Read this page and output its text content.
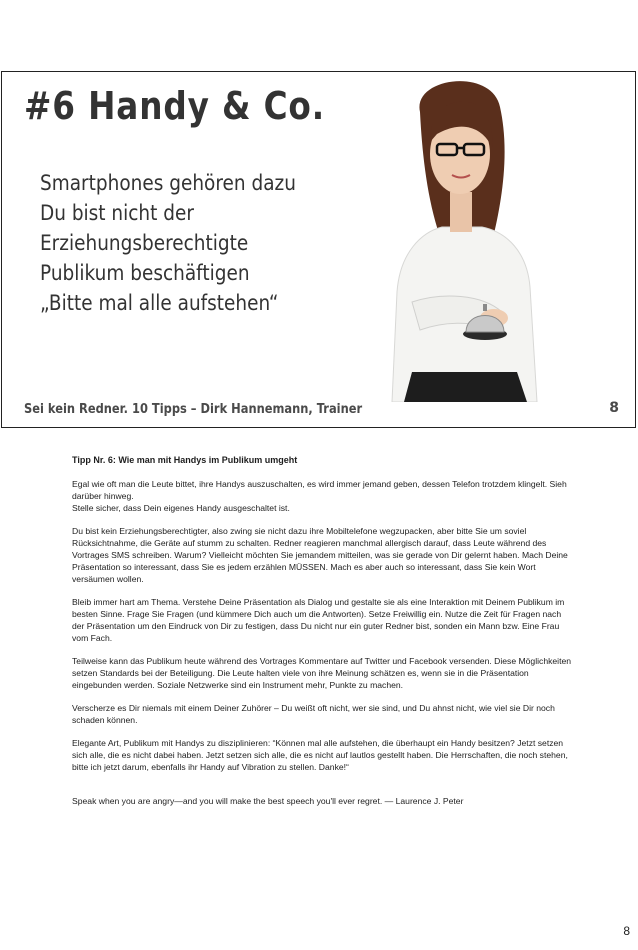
#6 Handy & Co.
Smartphones gehören dazu
Du bist nicht der
Erziehungsberechtigte
Publikum beschäftigen
„Bitte mal alle aufstehen“
Sei kein Redner. 10 Tipps – Dirk Hannemann, Trainer	8

Tipp Nr. 6: Wie man mit Handys im Publikum umgeht

Egal wie oft man die Leute bittet, ihre Handys auszuschalten, es wird immer jemand geben, dessen Telefon trotzdem klingelt. Sieh darüber hinweg.
Stelle sicher, dass Dein eigenes Handy ausgeschaltet ist.

Du bist kein Erziehungsberechtigter, also zwing sie nicht dazu ihre Mobiltelefone wegzupacken, aber bitte Sie um soviel Rücksichtnahme, die Geräte auf stumm zu schalten. Redner reagieren manchmal allergisch darauf, dass Leute während des Vortrages SMS schreiben. Warum? Vielleicht möchten Sie jemandem mitteilen, was sie gerade von Dir gelernt haben. Mach Deine Präsentation so interessant, dass Sie es jedem erzählen MÜSSEN. Mach es aber auch so interessant, dass Sie kein Wort versäumen wollen.

Bleib immer hart am Thema. Verstehe Deine Präsentation als Dialog und gestalte sie als eine Interaktion mit Deinem Publikum im besten Sinne. Frage Sie Fragen (und kümmere Dich auch um die Antworten). Setze Freiwillig ein. Nutze die Zeit für Fragen nach der Präsentation um den Eindruck von Dir zu festigen, dass Du nicht nur ein guter Redner bist, sonden ein Mann bzw. Eine Frau vom Fach.

Teilweise kann das Publikum heute während des Vortrages Kommentare auf Twitter und Facebook versenden. Diese Möglichkeiten setzen Standards bei der Beteiligung. Die Leute halten viele von ihre Meinung schätzen es, wenn sie in die Präsentation eingebunden werden. Soziale Netzwerke sind ein Instrument mehr, Punkte zu machen.

Verscherze es Dir niemals mit einem Deiner Zuhörer – Du weißt oft nicht, wer sie sind, und Du ahnst nicht, wie viel sie Dir noch schaden können.

Elegante Art, Publikum mit Handys zu disziplinieren: “Können mal alle aufstehen, die überhaupt ein Handy besitzen? Jetzt setzen sich alle, die es nicht dabei haben. Jetzt setzen sich alle, die es nicht auf lautlos gestellt haben. Die Herrschaften, die noch stehen, bitte ich jetzt darum, ebenfalls ihr Handy auf Vibration zu stellen. Danke!“

Speak when you are angry—and you will make the best speech you'll ever regret. — Laurence J. Peter

8
